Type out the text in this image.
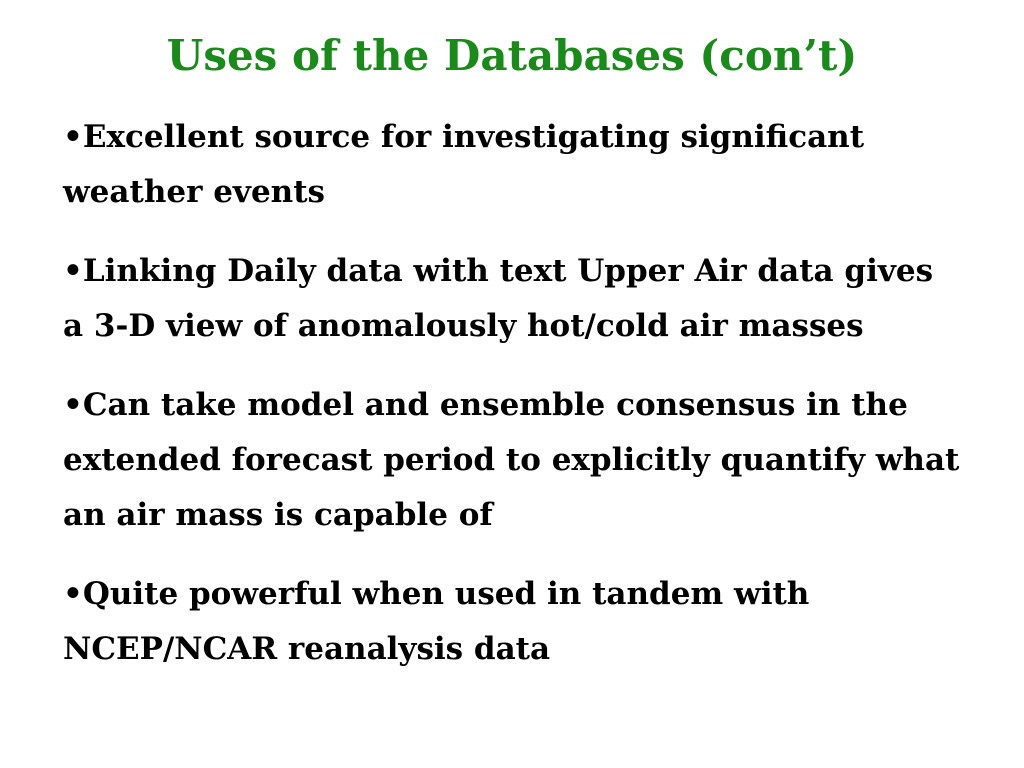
Uses of the Databases (con’t)
•Excellent source for investigating significant weather events
•Linking Daily data with text Upper Air data gives a 3-D view of anomalously hot/cold air masses
•Can take model and ensemble consensus in the extended forecast period to explicitly quantify what an air mass is capable of
•Quite powerful when used in tandem with NCEP/NCAR reanalysis data
